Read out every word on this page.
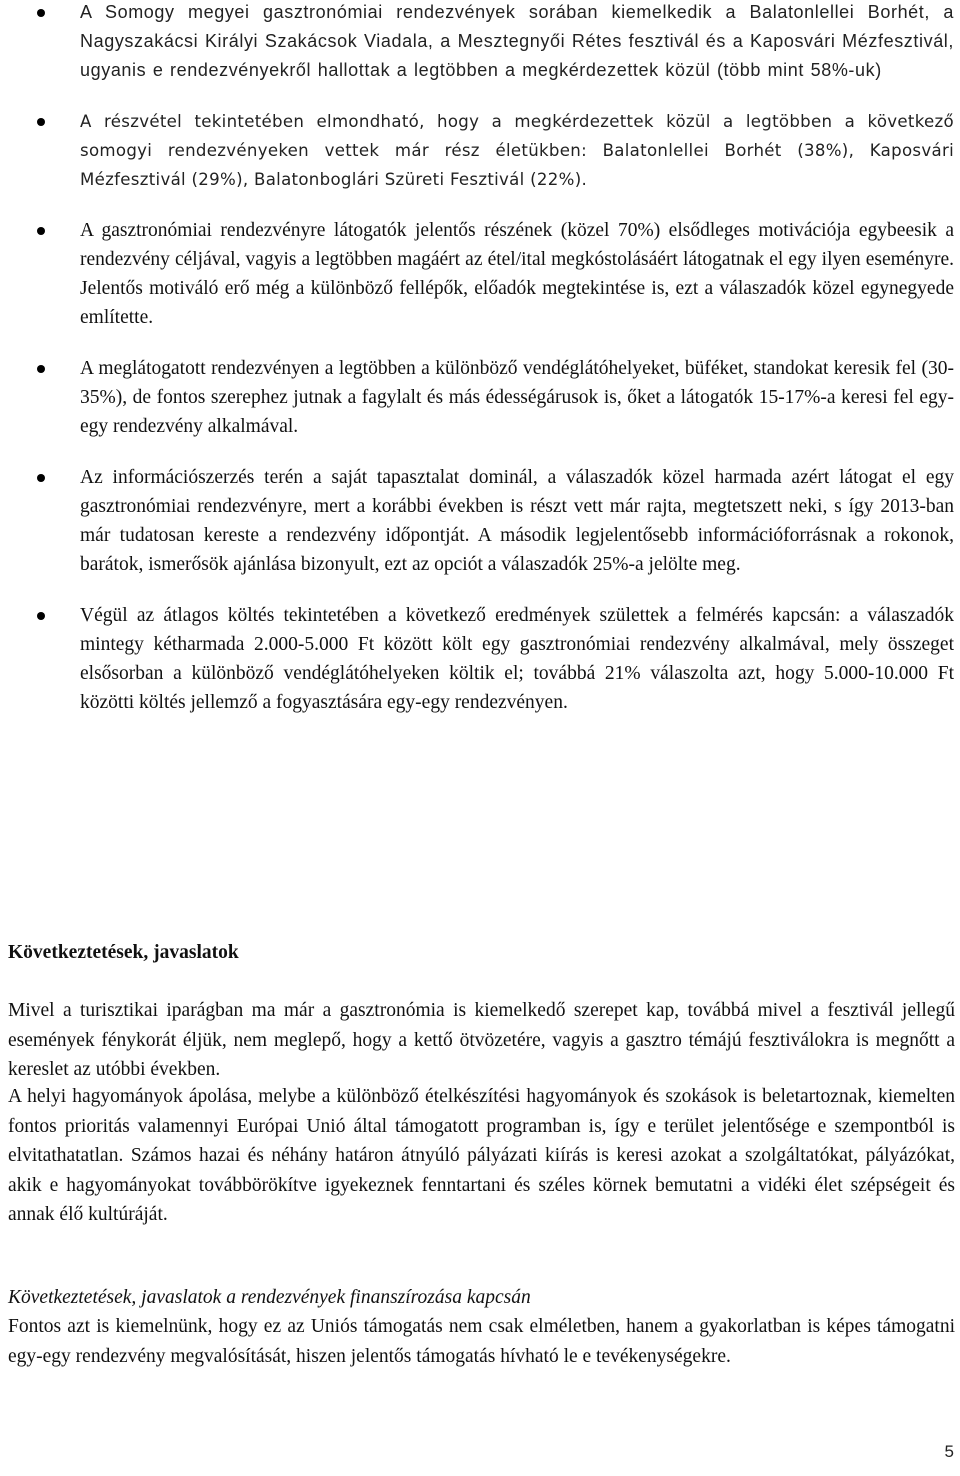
A Somogy megyei gasztronómiai rendezvények sorában kiemelkedik a Balatonlellei Borhét, a Nagyszakácsi Királyi Szakácsok Viadala, a Mesztegnyői Rétes fesztivál és a Kaposvári Mézfesztivál, ugyanis e rendezvényekről hallottak a legtöbben a megkérdezettek közül (több mint 58%-uk)
A részvétel tekintetében elmondható, hogy a megkérdezettek közül a legtöbben a következő somogyi rendezvényeken vettek már rész életükben: Balatonlellei Borhét (38%), Kaposvári Mézfesztivál (29%), Balatonboglári Szüreti Fesztivál (22%).
A gasztronómiai rendezvényre látogatók jelentős részének (közel 70%) elsődleges motivációja egybeesik a rendezvény céljával, vagyis a legtöbben magáért az étel/ital megkóstolásáért látogatnak el egy ilyen eseményre. Jelentős motiváló erő még a különböző fellépők, előadók megtekintése is, ezt a válaszadók közel egynegyede említette.
A meglátogatott rendezvényen a legtöbben a különböző vendéglátóhelyeket, büféket, standokat keresik fel (30-35%), de fontos szerephez jutnak a fagylalt és más édességárusok is, őket a látogatók 15-17%-a keresi fel egy-egy rendezvény alkalmával.
Az információszerzés terén a saját tapasztalat dominál, a válaszadók közel harmada azért látogat el egy gasztronómiai rendezvényre, mert a korábbi években is részt vett már rajta, megtetszett neki, s így 2013-ban már tudatosan kereste a rendezvény időpontját. A második legjelentősebb információforrásnak a rokonok, barátok, ismerősök ajánlása bizonyult, ezt az opciót a válaszadók 25%-a jelölte meg.
Végül az átlagos költés tekintetében a következő eredmények születtek a felmérés kapcsán: a válaszadók mintegy kétharmada 2.000-5.000 Ft között költ egy gasztronómiai rendezvény alkalmával, mely összeget elsősorban a különböző vendéglátóhelyeken költik el; továbbá 21% válaszolta azt, hogy 5.000-10.000 Ft közötti költés jellemző a fogyasztására egy-egy rendezvényen.
Következtetések, javaslatok

Mivel a turisztikai iparágban ma már a gasztronómia is kiemelkedő szerepet kap, továbbá mivel a fesztivál jellegű események fénykorát éljük, nem meglepő, hogy a kettő ötvözetére, vagyis a gasztro témájú fesztiválokra is megnőtt a kereslet az utóbbi években.

A helyi hagyományok ápolása, melybe a különböző ételkészítési hagyományok és szokások is beletartoznak, kiemelten fontos prioritás valamennyi Európai Unió által támogatott programban is, így e terület jelentősége e szempontból is elvitathatatlan. Számos hazai és néhány határon átnyúló pályázati kiírás is keresi azokat a szolgáltatókat, pályázókat, akik e hagyományokat továbbörökítve igyekeznek fenntartani és széles körnek bemutatni a vidéki élet szépségeit és annak élő kultúráját.

Következtetések, javaslatok a rendezvények finanszírozása kapcsán

Fontos azt is kiemelnünk, hogy ez az Uniós támogatás nem csak elméletben, hanem a gyakorlatban is képes támogatni egy-egy rendezvény megvalósítását, hiszen jelentős támogatás hívható le e tevékenységekre.

5
